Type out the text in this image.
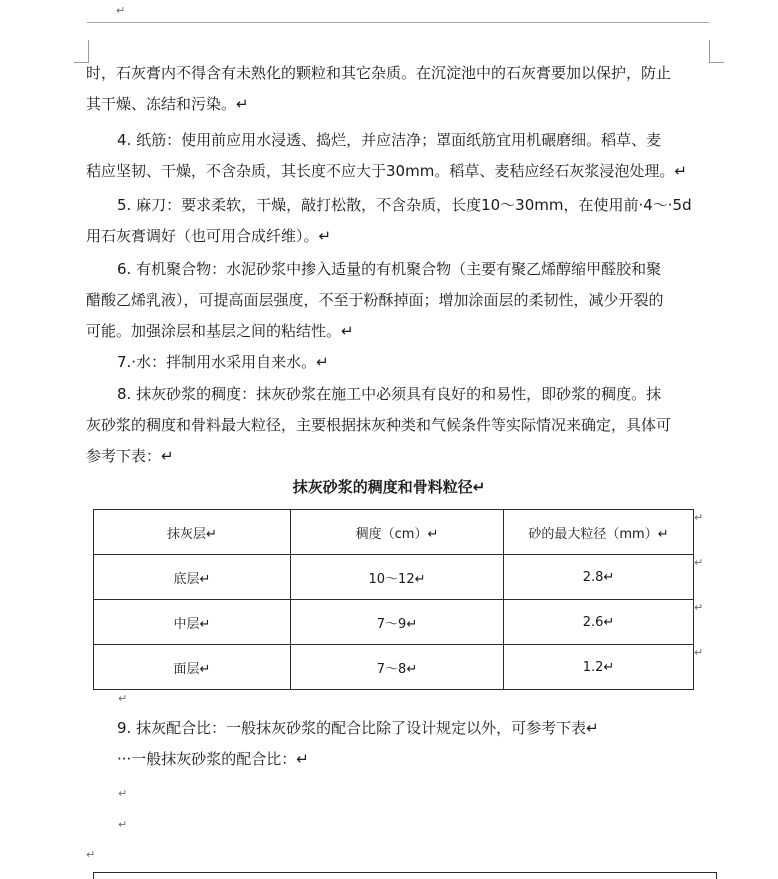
↵

时，石灰膏内不得含有未熟化的颗粒和其它杂质。在沉淀池中的石灰膏要加以保护，防止
其干燥、冻结和污染。↵

4. 纸筋：使用前应用水浸透、捣烂，并应洁净；罩面纸筋宜用机碾磨细。稻草、麦
秸应坚韧、干燥，不含杂质，其长度不应大于30mm。稻草、麦秸应经石灰浆浸泡处理。↵

5. 麻刀：要求柔软，干燥，敲打松散，不含杂质，长度10～30mm，在使用前·4～·5d
用石灰膏调好（也可用合成纤维）。↵

6. 有机聚合物：水泥砂浆中掺入适量的有机聚合物（主要有聚乙烯醇缩甲醛胶和聚
醋酸乙烯乳液），可提高面层强度，不至于粉酥掉面；增加涂面层的柔韧性，减少开裂的
可能。加强涂层和基层之间的粘结性。↵

7.·水：拌制用水采用自来水。↵

8. 抹灰砂浆的稠度：抹灰砂浆在施工中必须具有良好的和易性，即砂浆的稠度。抹
灰砂浆的稠度和骨料最大粒径，主要根据抹灰种类和气候条件等实际情况来确定，具体可
参考下表：↵

抹灰砂浆的稠度和骨料粒径↵
抹灰层↵	稠度（cm）↵	砂的最大粒径（mm）↵
底层↵	10～12↵	2.8↵
中层↵	7～9↵	2.6↵
面层↵	7～8↵	1.2↵
↵
↵
↵
↵
↵

9. 抹灰配合比：一般抹灰砂浆的配合比除了设计规定以外，可参考下表↵
···一般抹灰砂浆的配合比：↵

↵
↵
↵
